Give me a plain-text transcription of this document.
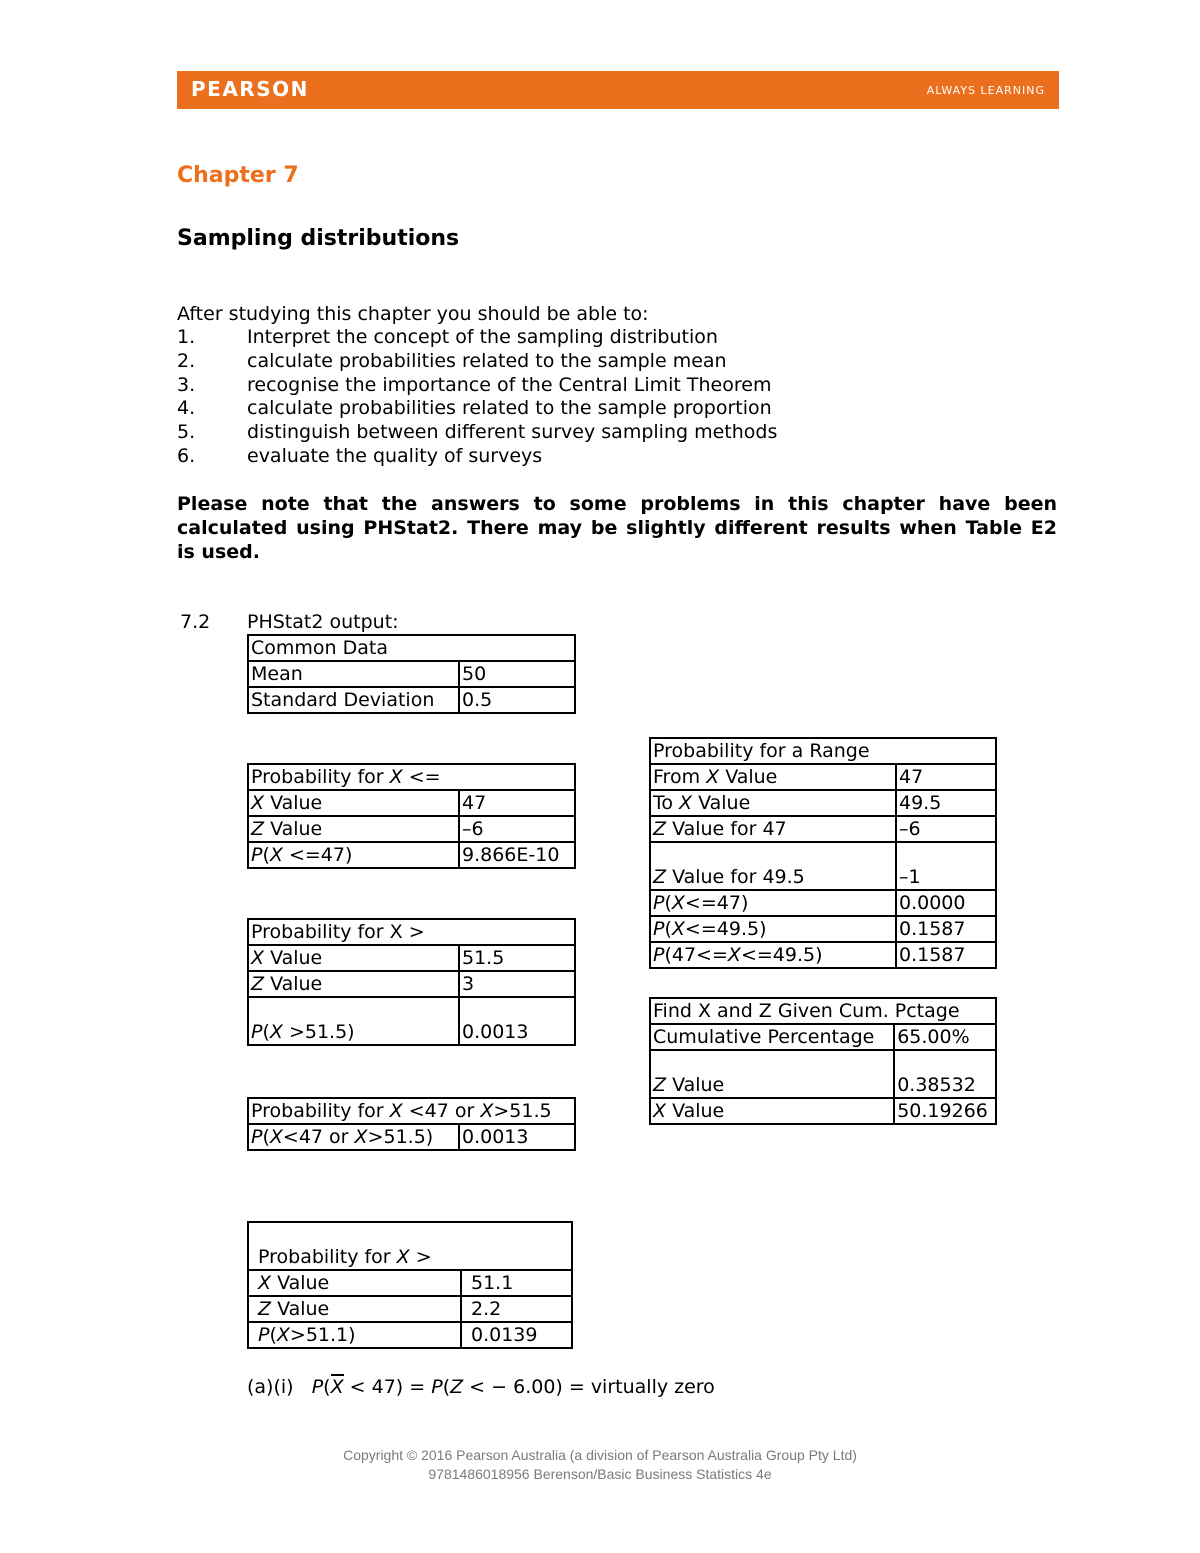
PEARSON	ALWAYS LEARNING
Chapter 7
Sampling distributions
After studying this chapter you should be able to:
1.	Interpret the concept of the sampling distribution
2.	calculate probabilities related to the sample mean
3.	recognise the importance of the Central Limit Theorem
4.	calculate probabilities related to the sample proportion
5.	distinguish between different survey sampling methods
6.	evaluate the quality of surveys
Please note that the answers to some problems in this chapter have been calculated using PHStat2. There may be slightly different results when Table E2 is used.
7.2 PHStat2 output:
Common Data	
Mean	50
Standard Deviation	0.5
Probability for X <=	
X Value	47
Z Value	–6
P(X <=47)	9.866E-10
Probability for X >	
X Value	51.5
Z Value	3
P(X >51.5)	0.0013
Probability for X <47 or X>51.5
P(X<47 or X>51.5)	0.0013
Probability for X >	
X Value	51.1
Z Value	2.2
P(X>51.1)	0.0139
Probability for a Range	
From X Value	47
To X Value	49.5
Z Value for 47	–6
Z Value for 49.5	–1
P(X<=47)	0.0000
P(X<=49.5)	0.1587
P(47<=X<=49.5)	0.1587
Find X and Z Given Cum. Pctage	
Cumulative Percentage	65.00%
Z Value	0.38532
X Value	50.19266
(a)(i) P(X < 47) = P(Z < − 6.00) = virtually zero
Copyright © 2016 Pearson Australia (a division of Pearson Australia Group Pty Ltd)
9781486018956 Berenson/Basic Business Statistics 4e
